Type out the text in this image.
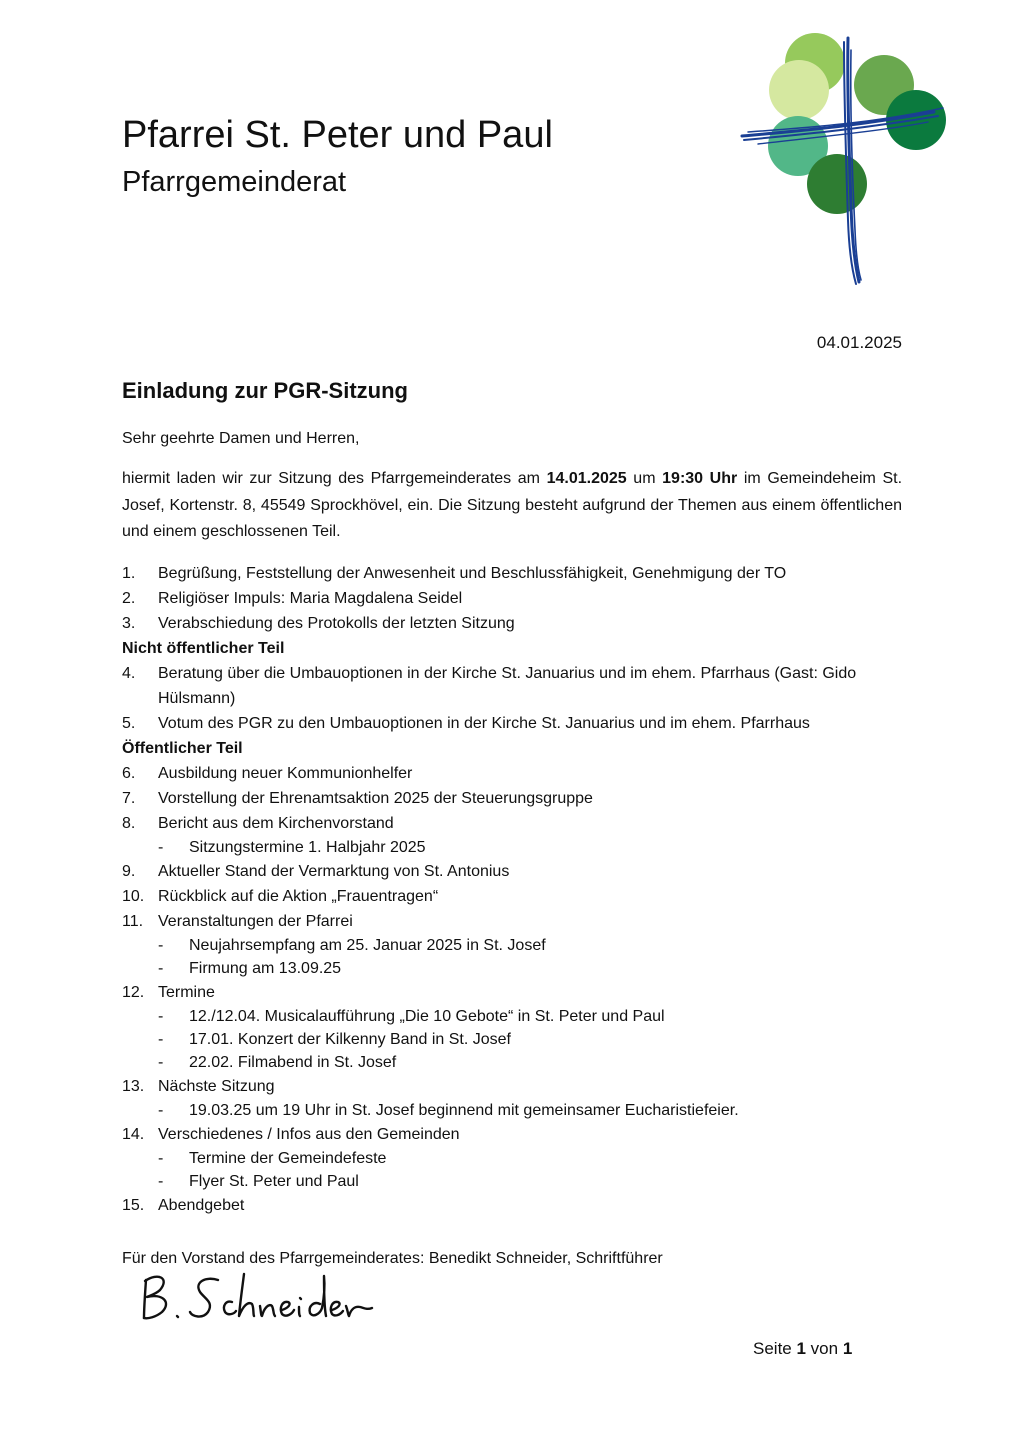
Pfarrei St. Peter und Paul
Pfarrgemeinderat
04.01.2025
Einladung zur PGR-Sitzung
Sehr geehrte Damen und Herren,

hiermit laden wir zur Sitzung des Pfarrgemeinderates am 14.01.2025 um 19:30 Uhr im Gemeindeheim St. Josef, Kortenstr. 8, 45549 Sprockhövel, ein. Die Sitzung besteht aufgrund der Themen aus einem öffentlichen und einem geschlossenen Teil.

1. Begrüßung, Feststellung der Anwesenheit und Beschlussfähigkeit, Genehmigung der TO
2. Religiöser Impuls: Maria Magdalena Seidel
3. Verabschiedung des Protokolls der letzten Sitzung
Nicht öffentlicher Teil
4. Beratung über die Umbauoptionen in der Kirche St. Januarius und im ehem. Pfarrhaus (Gast: Gido Hülsmann)
5. Votum des PGR zu den Umbauoptionen in der Kirche St. Januarius und im ehem. Pfarrhaus
Öffentlicher Teil
6. Ausbildung neuer Kommunionhelfer
7. Vorstellung der Ehrenamtsaktion 2025 der Steuerungsgruppe
8. Bericht aus dem Kirchenvorstand
- Sitzungstermine 1. Halbjahr 2025
9. Aktueller Stand der Vermarktung von St. Antonius
10. Rückblick auf die Aktion „Frauentragen“
11. Veranstaltungen der Pfarrei
- Neujahrsempfang am 25. Januar 2025 in St. Josef
- Firmung am 13.09.25
12. Termine
- 12./12.04. Musicalaufführung „Die 10 Gebote“ in St. Peter und Paul
- 17.01. Konzert der Kilkenny Band in St. Josef
- 22.02. Filmabend in St. Josef
13. Nächste Sitzung
- 19.03.25 um 19 Uhr in St. Josef beginnend mit gemeinsamer Eucharistiefeier.
14. Verschiedenes / Infos aus den Gemeinden
- Termine der Gemeindefeste
- Flyer St. Peter und Paul
15. Abendgebet
Für den Vorstand des Pfarrgemeinderates: Benedikt Schneider, Schriftführer
Seite 1 von 1
